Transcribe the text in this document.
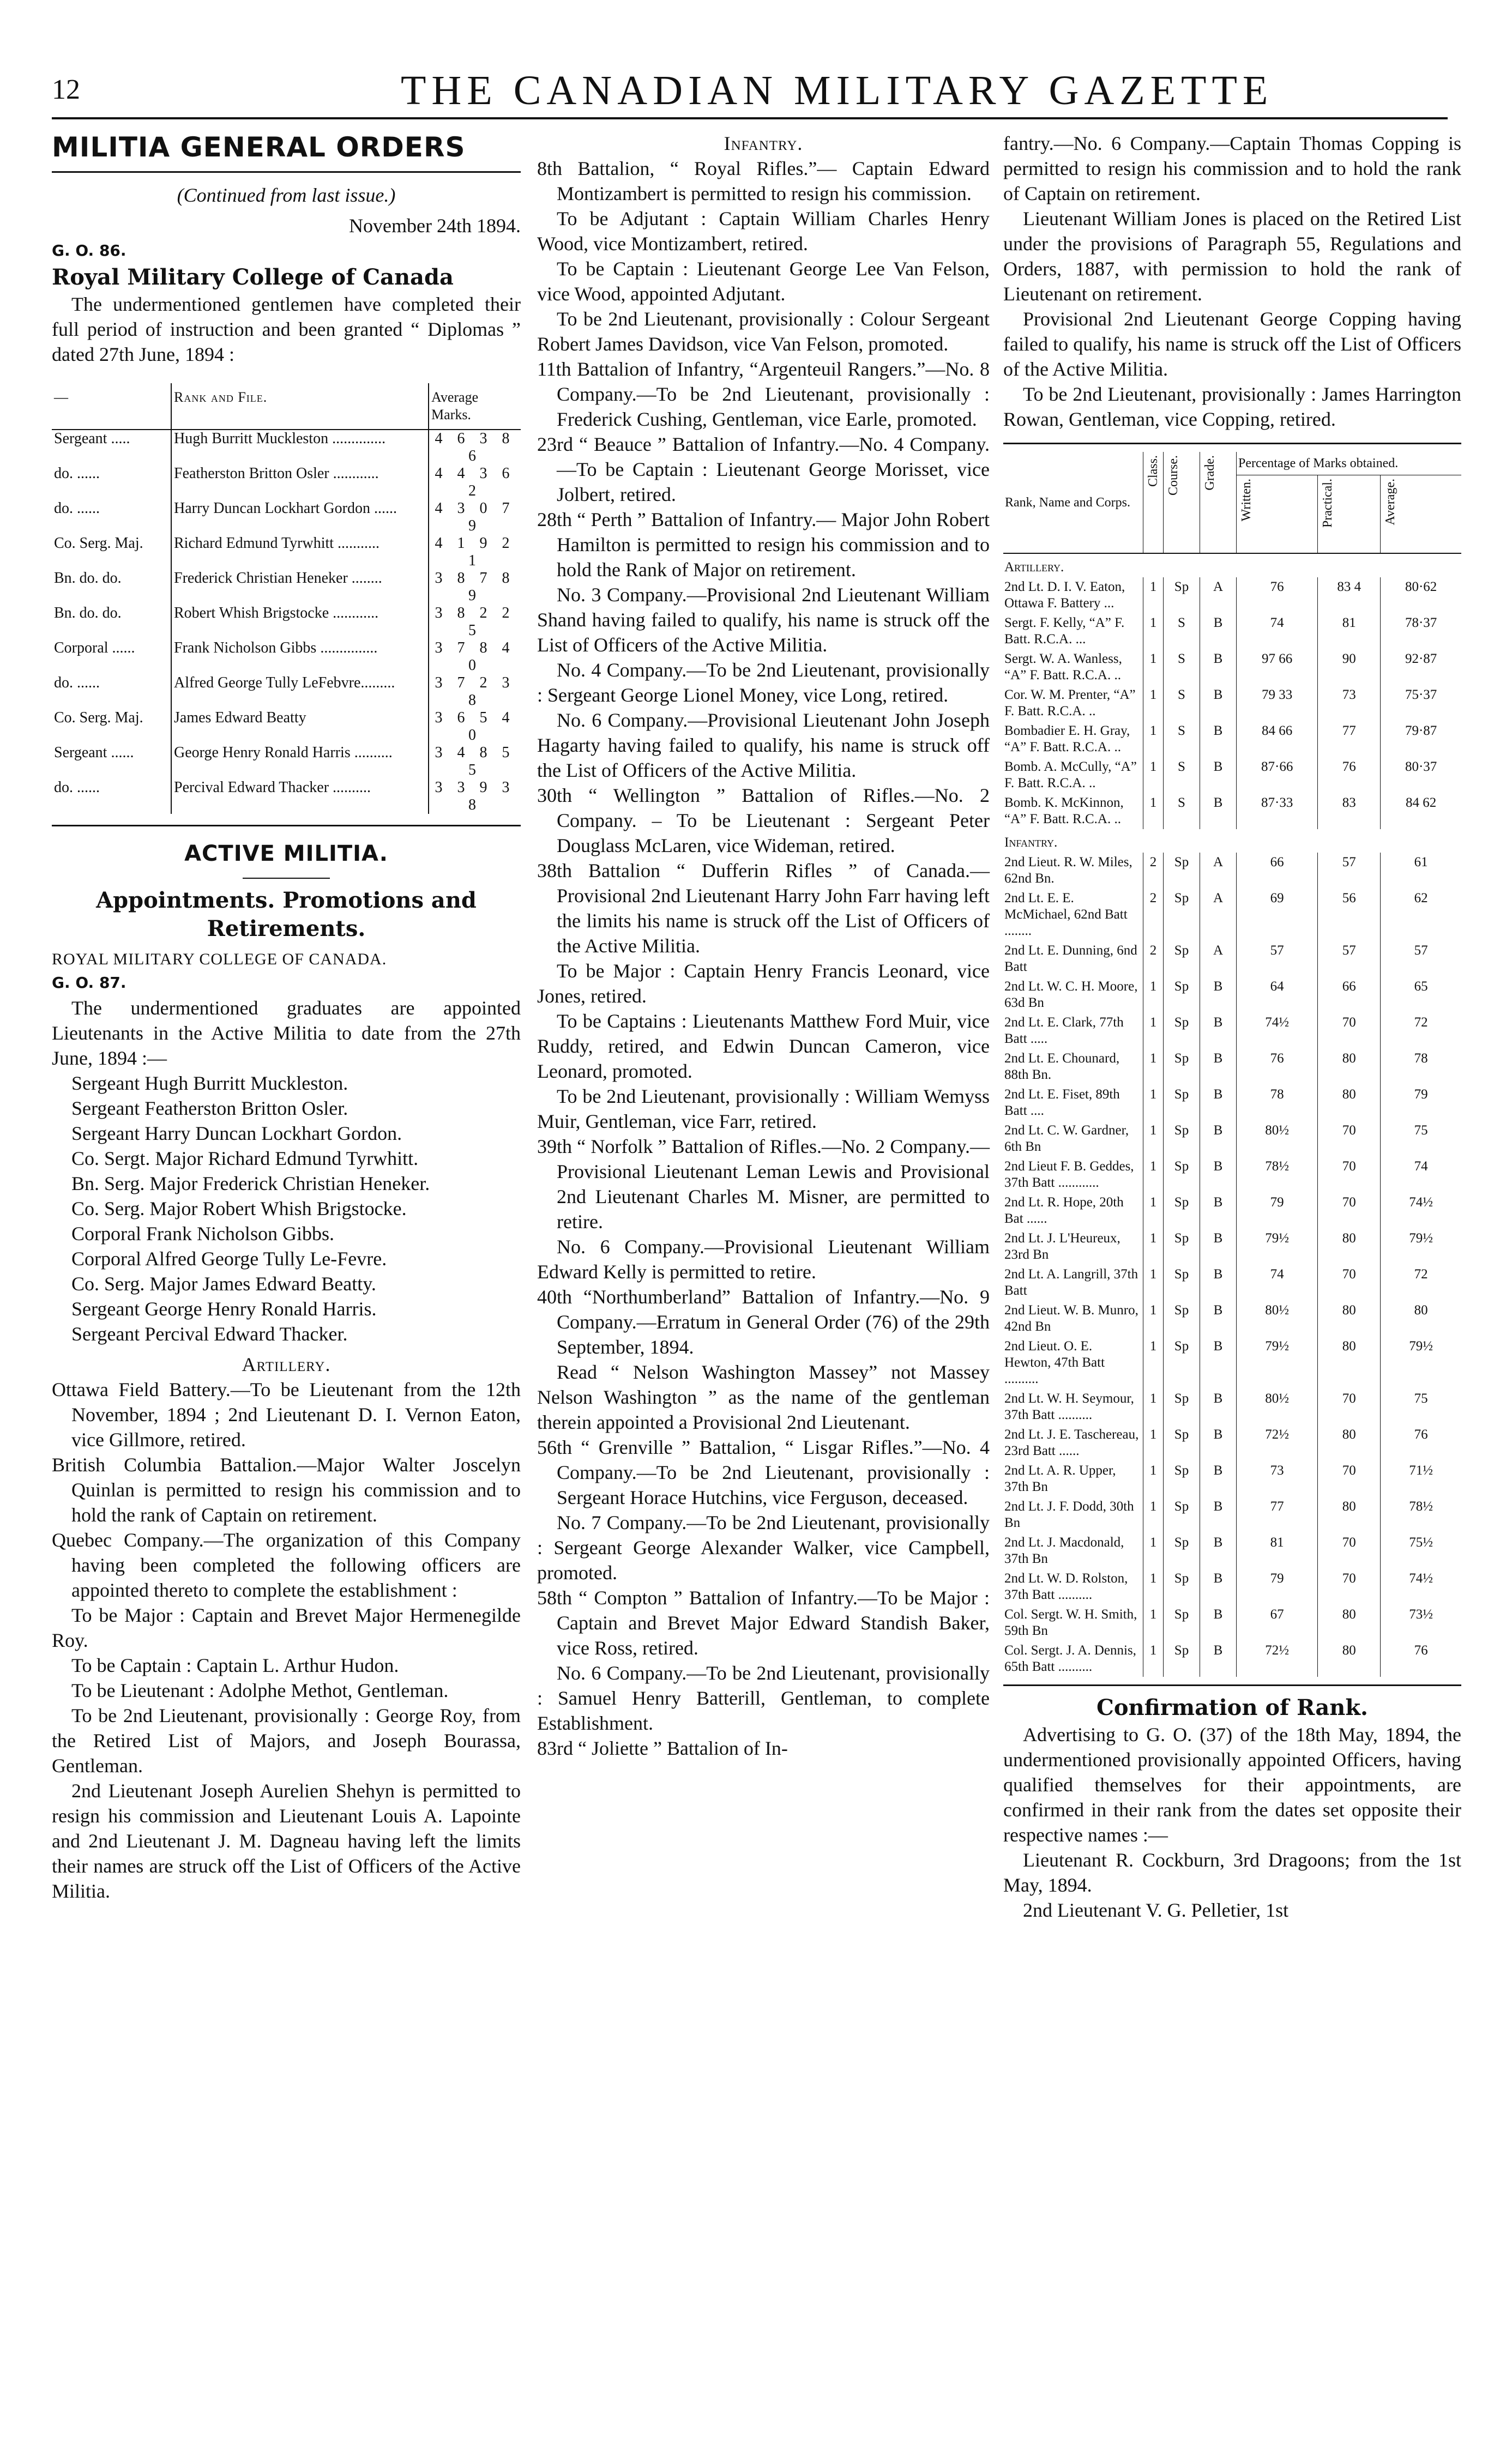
12	THE CANADIAN MILITARY GAZETTE
MILITIA GENERAL ORDERS

(Continued from last issue.)

November 24th 1894.

G. O. 86.

Royal Military College of Canada

The undermentioned gentlemen have completed their full period of instruction and been granted “ Diplomas ” dated 27th June, 1894 :

—	Rank and File.	Average Marks.
Sergeant .....	Hugh Burritt Muckleston ..............	4 6 3 8 6
do. ......	Featherston Britton Osler ............	4 4 3 6 2
do. ......	Harry Duncan Lockhart Gordon ......	4 3 0 7 9
Co. Serg. Maj.	Richard Edmund Tyrwhitt ...........	4 1 9 2 1
Bn. do. do.	Frederick Christian Heneker ........	3 8 7 8 9
Bn. do. do.	Robert Whish Brigstocke ............	3 8 2 2 5
Corporal ......	Frank Nicholson Gibbs ...............	3 7 8 4 0
do. ......	Alfred George Tully LeFebvre.........	3 7 2 3 8
Co. Serg. Maj.	James Edward Beatty	3 6 5 4 0
Sergeant ......	George Henry Ronald Harris ..........	3 4 8 5 5
do. ......	Percival Edward Thacker ..........	3 3 9 3 8
ACTIVE MILITIA.
Appointments. Promotions and Retirements.

ROYAL MILITARY COLLEGE OF CANADA.

G. O. 87.

The undermentioned graduates are appointed Lieutenants in the Active Militia to date from the 27th June, 1894 :—

Sergeant Hugh Burritt Muckleston.

Sergeant Featherston Britton Osler.

Sergeant Harry Duncan Lockhart Gordon.

Co. Sergt. Major Richard Edmund Tyrwhitt.

Bn. Serg. Major Frederick Christian Heneker.

Co. Serg. Major Robert Whish Brigstocke.

Corporal Frank Nicholson Gibbs.

Corporal Alfred George Tully Le-Fevre.

Co. Serg. Major James Edward Beatty.

Sergeant George Henry Ronald Harris.

Sergeant Percival Edward Thacker.

Artillery.

Ottawa Field Battery.—To be Lieutenant from the 12th November, 1894 ; 2nd Lieutenant D. I. Vernon Eaton, vice Gillmore, retired.

British Columbia Battalion.—Major Walter Joscelyn Quinlan is permitted to resign his commission and to hold the rank of Captain on retirement.

Quebec Company.—The organization of this Company having been completed the following officers are appointed thereto to complete the establishment :

To be Major : Captain and Brevet Major Hermenegilde Roy.

To be Captain : Captain L. Arthur Hudon.

To be Lieutenant : Adolphe Methot, Gentleman.

To be 2nd Lieutenant, provisionally : George Roy, from the Retired List of Majors, and Joseph Bourassa, Gentleman.

2nd Lieutenant Joseph Aurelien Shehyn is permitted to resign his commission and Lieutenant Louis A. Lapointe and 2nd Lieutenant J. M. Dagneau having left the limits their names are struck off the List of Officers of the Active Militia.

Infantry.

8th Battalion, “ Royal Rifles.”— Captain Edward Montizambert is permitted to resign his commission.

To be Adjutant : Captain William Charles Henry Wood, vice Montizambert, retired.

To be Captain : Lieutenant George Lee Van Felson, vice Wood, appointed Adjutant.

To be 2nd Lieutenant, provisionally : Colour Sergeant Robert James Davidson, vice Van Felson, promoted.

11th Battalion of Infantry, “Argenteuil Rangers.”—No. 8 Company.—To be 2nd Lieutenant, provisionally : Frederick Cushing, Gentleman, vice Earle, promoted.

23rd “ Beauce ” Battalion of Infantry.—No. 4 Company.—To be Captain : Lieutenant George Morisset, vice Jolbert, retired.

28th “ Perth ” Battalion of Infantry.— Major John Robert Hamilton is permitted to resign his commission and to hold the Rank of Major on retirement.

No. 3 Company.—Provisional 2nd Lieutenant William Shand having failed to qualify, his name is struck off the List of Officers of the Active Militia.

No. 4 Company.—To be 2nd Lieutenant, provisionally : Sergeant George Lionel Money, vice Long, retired.

No. 6 Company.—Provisional Lieutenant John Joseph Hagarty having failed to qualify, his name is struck off the List of Officers of the Active Militia.

30th “ Wellington ” Battalion of Rifles.—No. 2 Company. – To be Lieutenant : Sergeant Peter Douglass McLaren, vice Wideman, retired.

38th Battalion “ Dufferin Rifles ” of Canada.—Provisional 2nd Lieutenant Harry John Farr having left the limits his name is struck off the List of Officers of the Active Militia.

To be Major : Captain Henry Francis Leonard, vice Jones, retired.

To be Captains : Lieutenants Matthew Ford Muir, vice Ruddy, retired, and Edwin Duncan Cameron, vice Leonard, promoted.

To be 2nd Lieutenant, provisionally : William Wemyss Muir, Gentleman, vice Farr, retired.

39th “ Norfolk ” Battalion of Rifles.—No. 2 Company.—Provisional Lieutenant Leman Lewis and Provisional 2nd Lieutenant Charles M. Misner, are permitted to retire.

No. 6 Company.—Provisional Lieutenant William Edward Kelly is permitted to retire.

40th “Northumberland” Battalion of Infantry.—No. 9 Company.—Erratum in General Order (76) of the 29th September, 1894.

Read “ Nelson Washington Massey” not Massey Nelson Washington ” as the name of the gentleman therein appointed a Provisional 2nd Lieutenant.

56th “ Grenville ” Battalion, “ Lisgar Rifles.”—No. 4 Company.—To be 2nd Lieutenant, provisionally : Sergeant Horace Hutchins, vice Ferguson, deceased.

No. 7 Company.—To be 2nd Lieutenant, provisionally : Sergeant George Alexander Walker, vice Campbell, promoted.

58th “ Compton ” Battalion of Infantry.—To be Major : Captain and Brevet Major Edward Standish Baker, vice Ross, retired.

No. 6 Company.—To be 2nd Lieutenant, provisionally : Samuel Henry Batterill, Gentleman, to complete Establishment.

83rd “ Joliette ” Battalion of In-

fantry.—No. 6 Company.—Captain Thomas Copping is permitted to resign his commission and to hold the rank of Captain on retirement.

Lieutenant William Jones is placed on the Retired List under the provisions of Paragraph 55, Regulations and Orders, 1887, with permission to hold the rank of Lieutenant on retirement.

Provisional 2nd Lieutenant George Copping having failed to qualify, his name is struck off the List of Officers of the Active Militia.

To be 2nd Lieutenant, provisionally : James Harrington Rowan, Gentleman, vice Copping, retired.

Rank, Name and Corps.	Class.	Course.	Grade.	Percentage of Marks obtained.		
				Written.	Practical.	Average.
Artillery.						
2nd Lt. D. I. V. Eaton, Ottawa F. Battery ...	1	Sp	A	76	83 4	80·62
Sergt. F. Kelly, “A” F. Batt. R.C.A. ...	1	S	B	74	81	78·37
Sergt. W. A. Wanless, “A” F. Batt. R.C.A. ..	1	S	B	97 66	90	92·87
Cor. W. M. Prenter, “A” F. Batt. R.C.A. ..	1	S	B	79 33	73	75·37
Bombadier E. H. Gray, “A” F. Batt. R.C.A. ..	1	S	B	84 66	77	79·87
Bomb. A. McCully, “A” F. Batt. R.C.A. ..	1	S	B	87·66	76	80·37
Bomb. K. McKinnon, “A” F. Batt. R.C.A. ..	1	S	B	87·33	83	84 62
Infantry.						
2nd Lieut. R. W. Miles, 62nd Bn.	2	Sp	A	66	57	61
2nd Lt. E. E. McMichael, 62nd Batt ........	2	Sp	A	69	56	62
2nd Lt. E. Dunning, 6nd Batt	2	Sp	A	57	57	57
2nd Lt. W. C. H. Moore, 63d Bn	1	Sp	B	64	66	65
2nd Lt. E. Clark, 77th Batt .....	1	Sp	B	74½	70	72
2nd Lt. E. Chounard, 88th Bn.	1	Sp	B	76	80	78
2nd Lt. E. Fiset, 89th Batt ....	1	Sp	B	78	80	79
2nd Lt. C. W. Gardner, 6th Bn	1	Sp	B	80½	70	75
2nd Lieut F. B. Geddes, 37th Batt ............	1	Sp	B	78½	70	74
2nd Lt. R. Hope, 20th Bat ......	1	Sp	B	79	70	74½
2nd Lt. J. L'Heureux, 23rd Bn	1	Sp	B	79½	80	79½
2nd Lt. A. Langrill, 37th Batt	1	Sp	B	74	70	72
2nd Lieut. W. B. Munro, 42nd Bn	1	Sp	B	80½	80	80
2nd Lieut. O. E. Hewton, 47th Batt ..........	1	Sp	B	79½	80	79½
2nd Lt. W. H. Seymour, 37th Batt ..........	1	Sp	B	80½	70	75
2nd Lt. J. E. Taschereau, 23rd Batt ......	1	Sp	B	72½	80	76
2nd Lt. A. R. Upper, 37th Bn	1	Sp	B	73	70	71½
2nd Lt. J. F. Dodd, 30th Bn	1	Sp	B	77	80	78½
2nd Lt. J. Macdonald, 37th Bn	1	Sp	B	81	70	75½
2nd Lt. W. D. Rolston, 37th Batt ..........	1	Sp	B	79	70	74½
Col. Sergt. W. H. Smith, 59th Bn	1	Sp	B	67	80	73½
Col. Sergt. J. A. Dennis, 65th Batt ..........	1	Sp	B	72½	80	76
Confirmation of Rank.

Advertising to G. O. (37) of the 18th May, 1894, the undermentioned provisionally appointed Officers, having qualified themselves for their appointments, are confirmed in their rank from the dates set opposite their respective names :—

Lieutenant R. Cockburn, 3rd Dragoons; from the 1st May, 1894.

2nd Lieutenant V. G. Pelletier, 1st
